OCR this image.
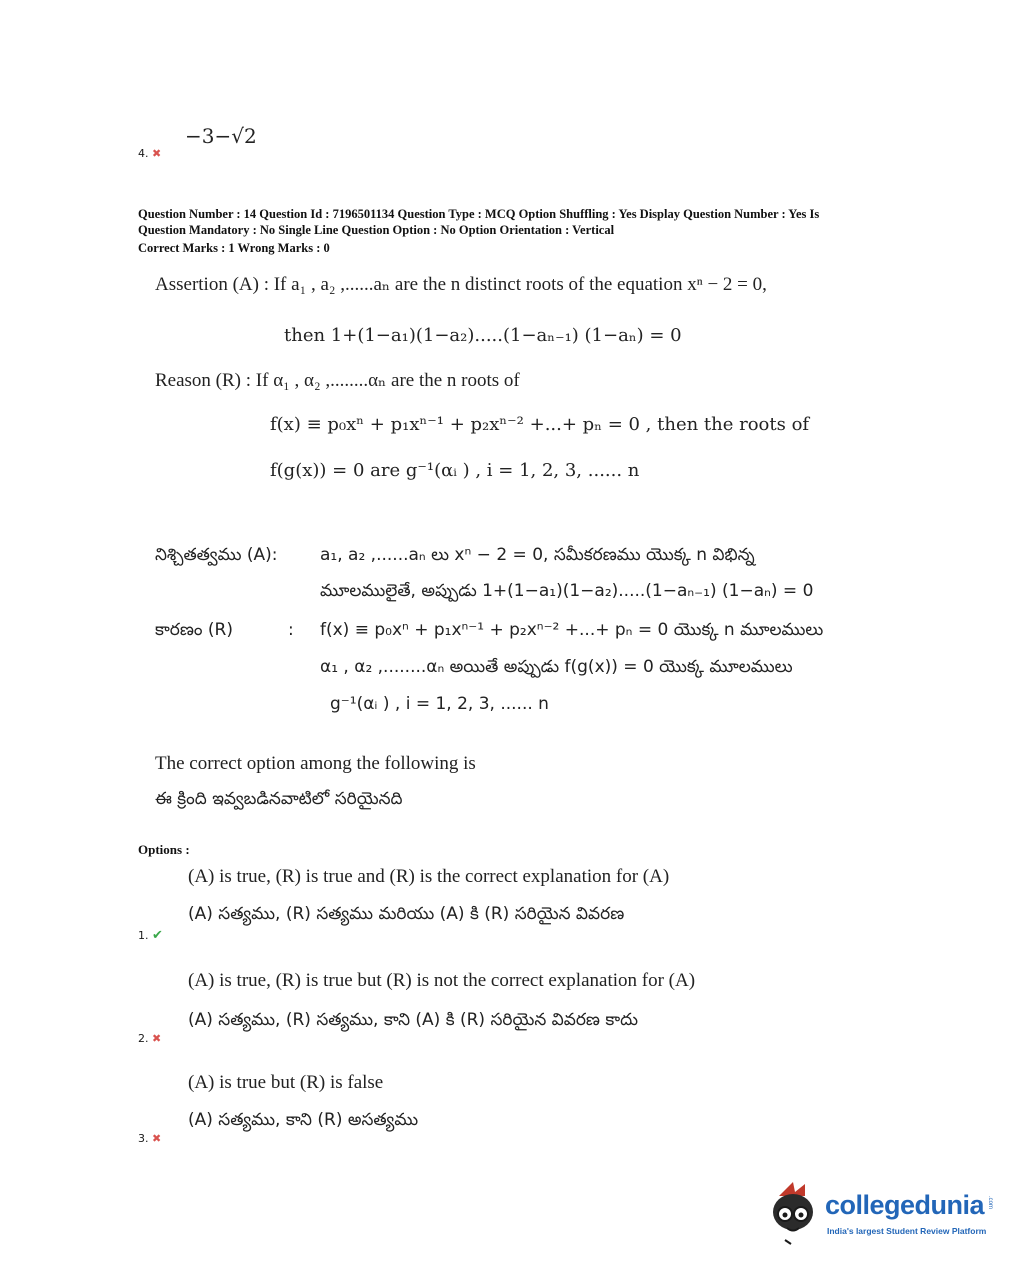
−3−√2
4. ✖
Question Number : 14 Question Id : 7196501134 Question Type : MCQ Option Shuffling : Yes Display Question Number : Yes Is
Question Mandatory : No Single Line Question Option : No Option Orientation : Vertical
Correct Marks : 1 Wrong Marks : 0
Assertion (A) : If a₁ , a₂ ,......aₙ are the n distinct roots of the equation xⁿ − 2 = 0,
then 1+(1−a₁)(1−a₂).....(1−aₙ₋₁) (1−aₙ) = 0
Reason (R) : If α₁ , α₂ ,........αₙ are the n roots of
f(x) ≡ p₀xⁿ + p₁xⁿ⁻¹ + p₂xⁿ⁻² +...+ pₙ = 0 , then the roots of
f(g(x)) = 0 are g⁻¹(αᵢ ) , i = 1, 2, 3, ...... n
నిశ్చితత్వము (A):	a₁, a₂ ,......aₙ లు xⁿ − 2 = 0, సమీకరణము యొక్క n విభిన్న
మూలములైతే, అప్పుడు 1+(1−a₁)(1−a₂).....(1−aₙ₋₁) (1−aₙ) = 0
కారణం (R)	: f(x) ≡ p₀xⁿ + p₁xⁿ⁻¹ + p₂xⁿ⁻² +...+ pₙ = 0 యొక్క n మూలములు
α₁ , α₂ ,........αₙ అయితే అప్పుడు f(g(x)) = 0 యొక్క మూలములు
g⁻¹(αᵢ ) , i = 1, 2, 3, ...... n
The correct option among the following is
ఈ క్రింది ఇవ్వబడినవాటిలో సరియైనది
Options :
(A) is true, (R) is true and (R) is the correct explanation for (A)
(A) సత్యము, (R) సత్యము మరియు (A) కి (R) సరియైన వివరణ
1. ✔
(A) is true, (R) is true but (R) is not the correct explanation for (A)
(A) సత్యము, (R) సత్యము, కాని (A) కి (R) సరియైన వివరణ కాదు
2. ✖
(A) is true but (R) is false
(A) సత్యము, కాని (R) అసత్యము
3. ✖
collegedunia .com
India's largest Student Review Platform
